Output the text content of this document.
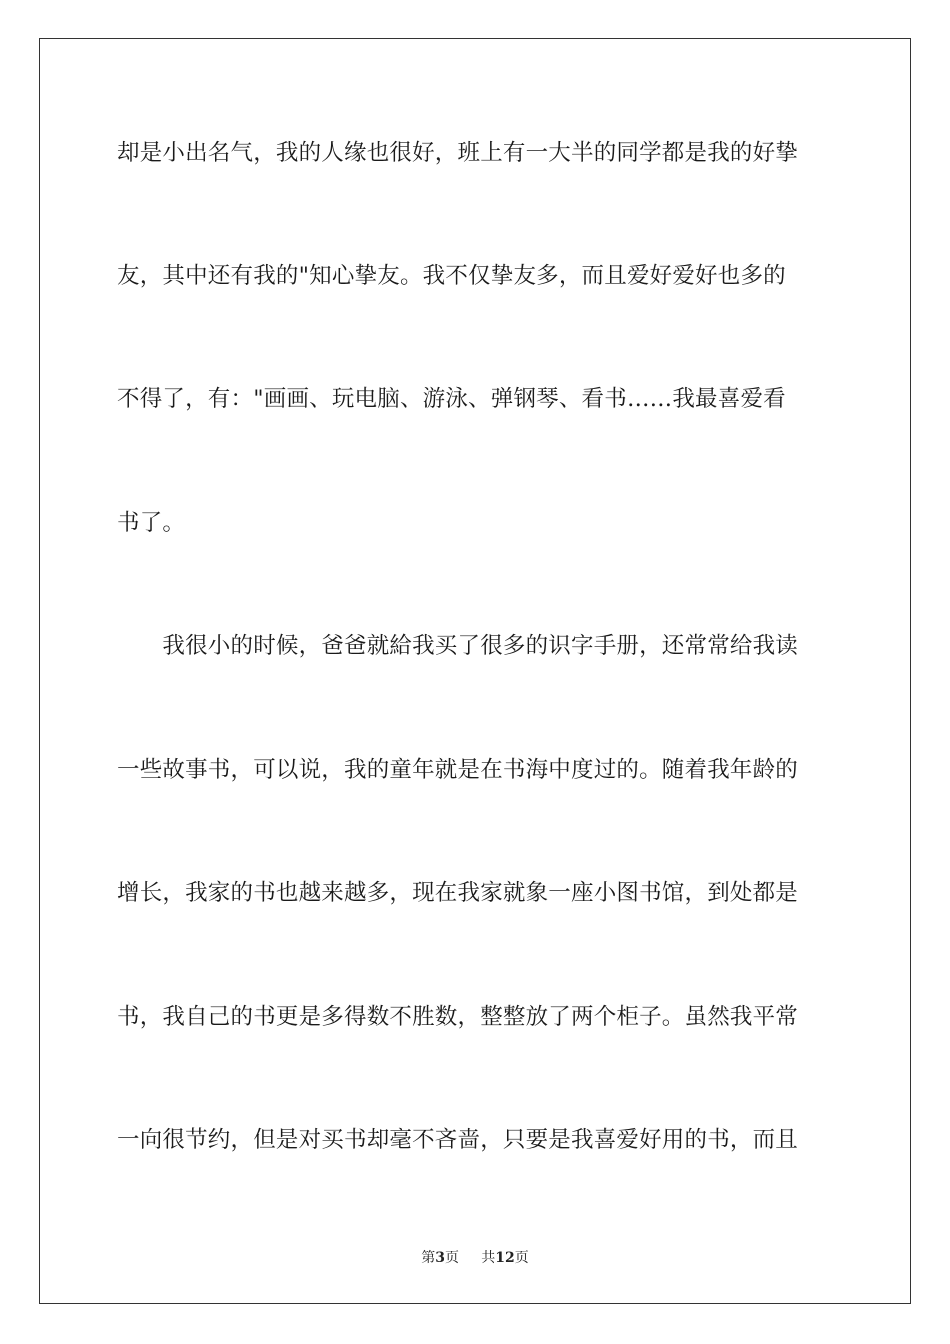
却是小出名气，我的人缘也很好，班上有一大半的同学都是我的好挚
友，其中还有我的"知心挚友。我不仅挚友多，而且爱好爱好也多的
不得了，有："画画、玩电脑、游泳、弹钢琴、看书……我最喜爱看
书了。
　　我很小的时候，爸爸就給我买了很多的识字手册，还常常给我读
一些故事书，可以说，我的童年就是在书海中度过的。随着我年龄的
增长，我家的书也越来越多，现在我家就象一座小图书馆，到处都是
书，我自己的书更是多得数不胜数，整整放了两个柜子。虽然我平常
一向很节约，但是对买书却毫不吝啬，只要是我喜爱好用的书，而且
第3页 共12页
